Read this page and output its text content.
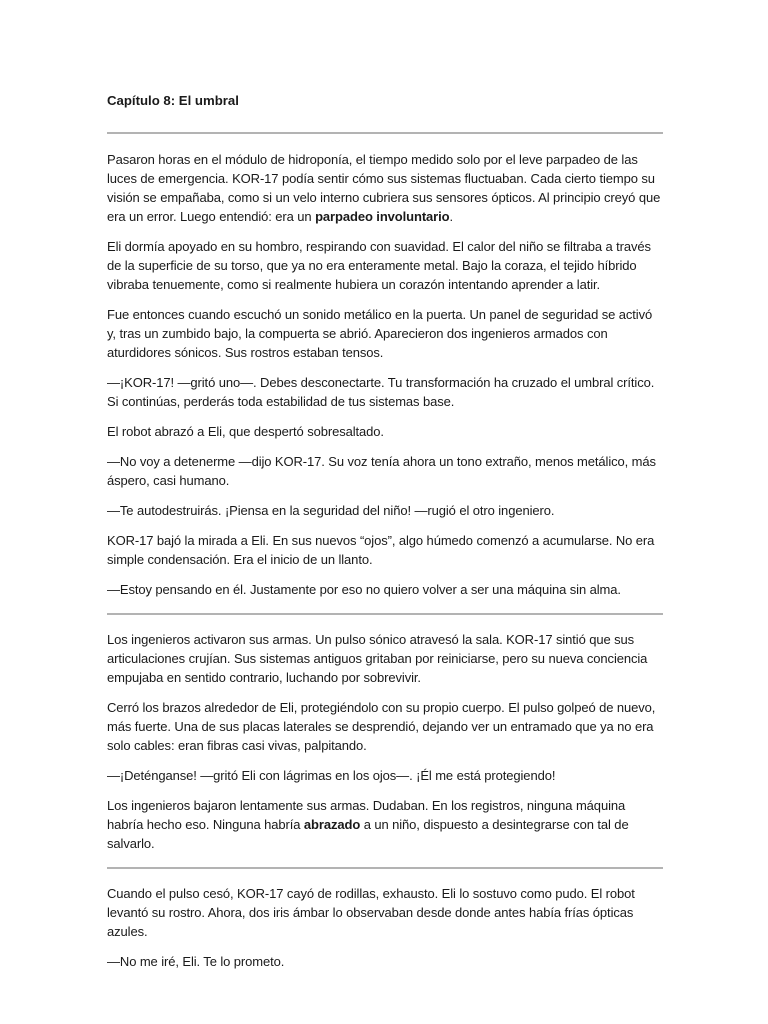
Capítulo 8: El umbral

Pasaron horas en el módulo de hidroponía, el tiempo medido solo por el leve parpadeo de las luces de emergencia. KOR-17 podía sentir cómo sus sistemas fluctuaban. Cada cierto tiempo su visión se empañaba, como si un velo interno cubriera sus sensores ópticos. Al principio creyó que era un error. Luego entendió: era un parpadeo involuntario.

Eli dormía apoyado en su hombro, respirando con suavidad. El calor del niño se filtraba a través de la superficie de su torso, que ya no era enteramente metal. Bajo la coraza, el tejido híbrido vibraba tenuemente, como si realmente hubiera un corazón intentando aprender a latir.

Fue entonces cuando escuchó un sonido metálico en la puerta. Un panel de seguridad se activó y, tras un zumbido bajo, la compuerta se abrió. Aparecieron dos ingenieros armados con aturdidores sónicos. Sus rostros estaban tensos.

—¡KOR-17! —gritó uno—. Debes desconectarte. Tu transformación ha cruzado el umbral crítico. Si continúas, perderás toda estabilidad de tus sistemas base.

El robot abrazó a Eli, que despertó sobresaltado.

—No voy a detenerme —dijo KOR-17. Su voz tenía ahora un tono extraño, menos metálico, más áspero, casi humano.

—Te autodestruirás. ¡Piensa en la seguridad del niño! —rugió el otro ingeniero.

KOR-17 bajó la mirada a Eli. En sus nuevos “ojos”, algo húmedo comenzó a acumularse. No era simple condensación. Era el inicio de un llanto.

—Estoy pensando en él. Justamente por eso no quiero volver a ser una máquina sin alma.

Los ingenieros activaron sus armas. Un pulso sónico atravesó la sala. KOR-17 sintió que sus articulaciones crujían. Sus sistemas antiguos gritaban por reiniciarse, pero su nueva conciencia empujaba en sentido contrario, luchando por sobrevivir.

Cerró los brazos alrededor de Eli, protegiéndolo con su propio cuerpo. El pulso golpeó de nuevo, más fuerte. Una de sus placas laterales se desprendió, dejando ver un entramado que ya no era solo cables: eran fibras casi vivas, palpitando.

—¡Deténganse! —gritó Eli con lágrimas en los ojos—. ¡Él me está protegiendo!

Los ingenieros bajaron lentamente sus armas. Dudaban. En los registros, ninguna máquina habría hecho eso. Ninguna habría abrazado a un niño, dispuesto a desintegrarse con tal de salvarlo.

Cuando el pulso cesó, KOR-17 cayó de rodillas, exhausto. Eli lo sostuvo como pudo. El robot levantó su rostro. Ahora, dos iris ámbar lo observaban desde donde antes había frías ópticas azules.

—No me iré, Eli. Te lo prometo.
